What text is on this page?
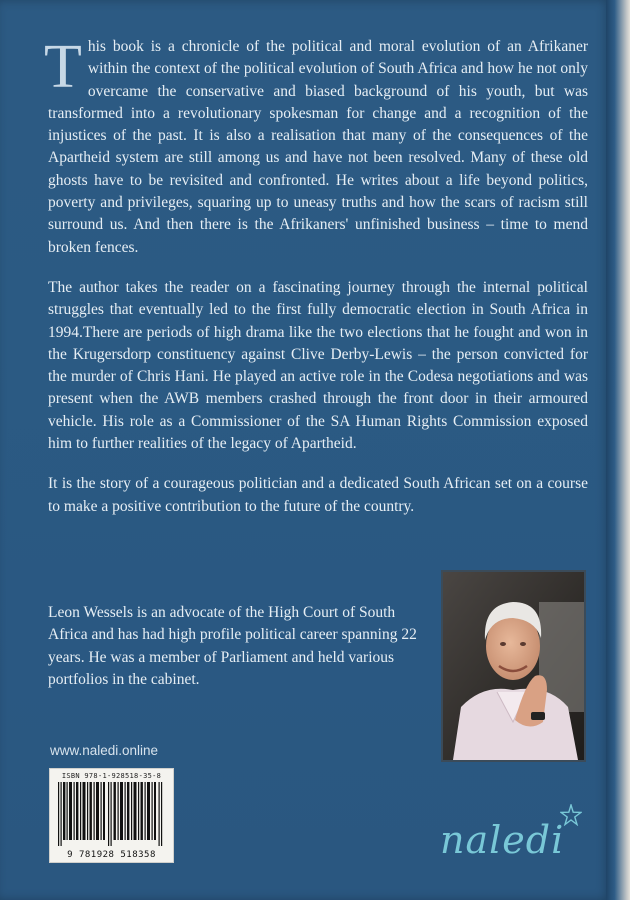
This book is a chronicle of the political and moral evolution of an Afrikaner within the context of the political evolution of South Africa and how he not only overcame the conservative and biased background of his youth, but was transformed into a revolutionary spokesman for change and a recognition of the injustices of the past. It is also a realisation that many of the consequences of the Apartheid system are still among us and have not been resolved. Many of these old ghosts have to be revisited and confronted. He writes about a life beyond politics, poverty and privileges, squaring up to uneasy truths and how the scars of racism still surround us. And then there is the Afrikaners' unfinished business – time to mend broken fences.

The author takes the reader on a fascinating journey through the internal political struggles that eventually led to the first fully democratic election in South Africa in 1994.There are periods of high drama like the two elections that he fought and won in the Krugersdorp constituency against Clive Derby-Lewis – the person convicted for the murder of Chris Hani. He played an active role in the Codesa negotiations and was present when the AWB members crashed through the front door in their armoured vehicle. His role as a Commissioner of the SA Human Rights Commission exposed him to further realities of the legacy of Apartheid.

It is the story of a courageous politician and a dedicated South African set on a course to make a positive contribution to the future of the country.

Leon Wessels is an advocate of the High Court of South Africa and has had high profile political career spanning 22 years. He was a member of Parliament and held various portfolios in the cabinet.

www.naledi.online
ISBN 978-1-928518-35-8
9 781928 518358	naledi
